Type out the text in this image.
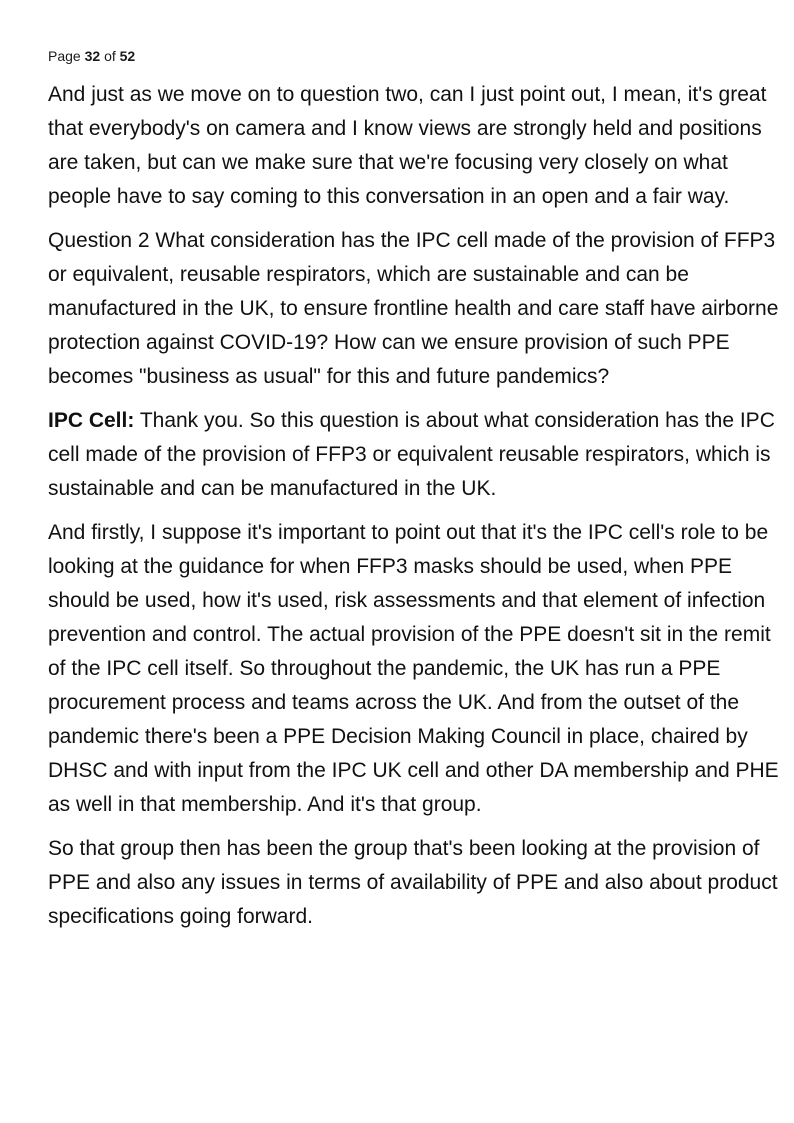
Page 32 of 52

And just as we move on to question two, can I just point out, I mean, it's great that everybody's on camera and I know views are strongly held and positions are taken, but can we make sure that we're focusing very closely on what people have to say coming to this conversation in an open and a fair way.

Question 2 What consideration has the IPC cell made of the provision of FFP3 or equivalent, reusable respirators, which are sustainable and can be manufactured in the UK, to ensure frontline health and care staff have airborne protection against COVID-19? How can we ensure provision of such PPE becomes "business as usual" for this and future pandemics?

IPC Cell: Thank you. So this question is about what consideration has the IPC cell made of the provision of FFP3 or equivalent reusable respirators, which is sustainable and can be manufactured in the UK.

And firstly, I suppose it's important to point out that it's the IPC cell's role to be looking at the guidance for when FFP3 masks should be used, when PPE should be used, how it's used, risk assessments and that element of infection prevention and control. The actual provision of the PPE doesn't sit in the remit of the IPC cell itself. So throughout the pandemic, the UK has run a PPE procurement process and teams across the UK. And from the outset of the pandemic there's been a PPE Decision Making Council in place, chaired by DHSC and with input from the IPC UK cell and other DA membership and PHE as well in that membership. And it's that group.

So that group then has been the group that's been looking at the provision of PPE and also any issues in terms of availability of PPE and also about product specifications going forward.
